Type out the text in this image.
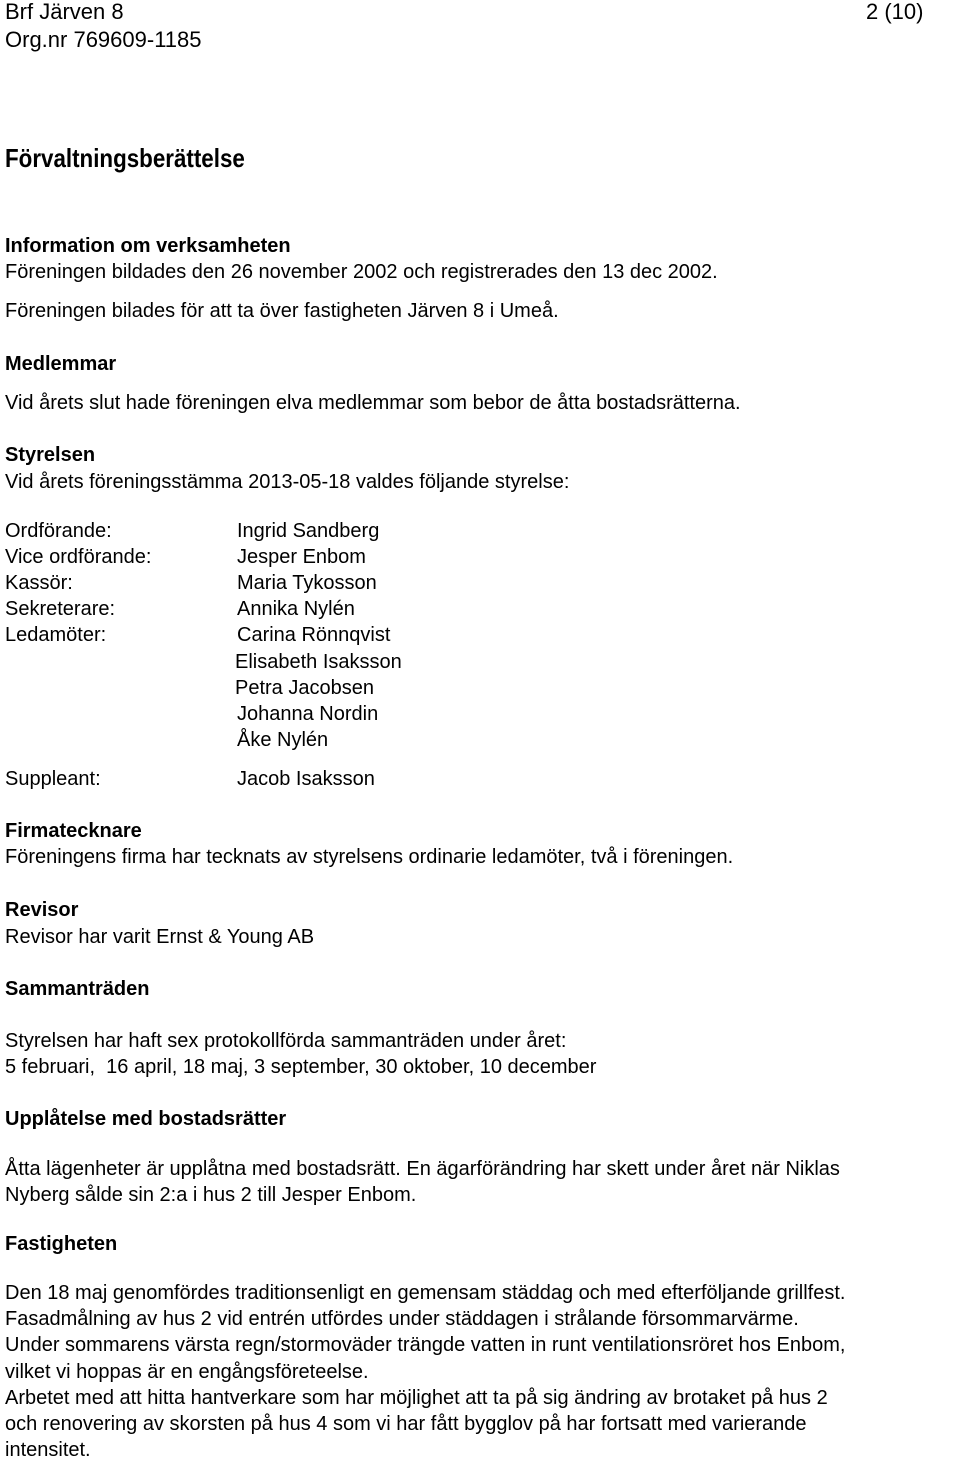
Brf Järven 8
Org.nr 769609-1185
2 (10)
Förvaltningsberättelse
Information om verksamheten
Föreningen bildades den 26 november 2002 och registrerades den 13 dec 2002.
Föreningen bilades för att ta över fastigheten Järven 8 i Umeå.
Medlemmar
Vid årets slut hade föreningen elva medlemmar som bebor de åtta bostadsrätterna.
Styrelsen
Vid årets föreningsstämma 2013-05-18 valdes följande styrelse:
Ordförande:
Vice ordförande:
Kassör:
Sekreterare:
Ledamöter:
Ingrid Sandberg
Jesper Enbom
Maria Tykosson
Annika Nylén
Carina Rönnqvist
Elisabeth Isaksson
Petra Jacobsen
Johanna Nordin
Åke Nylén
Suppleant:	Jacob Isaksson
Firmatecknare
Föreningens firma har tecknats av styrelsens ordinarie ledamöter, två i föreningen.
Revisor
Revisor har varit Ernst & Young AB
Sammanträden
Styrelsen har haft sex protokollförda sammanträden under året:
5 februari,  16 april, 18 maj, 3 september, 30 oktober, 10 december
Upplåtelse med bostadsrätter
Åtta lägenheter är upplåtna med bostadsrätt. En ägarförändring har skett under året när Niklas
Nyberg sålde sin 2:a i hus 2 till Jesper Enbom.
Fastigheten
Den 18 maj genomfördes traditionsenligt en gemensam städdag och med efterföljande grillfest.
Fasadmålning av hus 2 vid entrén utfördes under städdagen i strålande försommarvärme.
Under sommarens värsta regn/stormoväder trängde vatten in runt ventilationsröret hos Enbom,
vilket vi hoppas är en engångsföreteelse.
Arbetet med att hitta hantverkare som har möjlighet att ta på sig ändring av brotaket på hus 2
och renovering av skorsten på hus 4 som vi har fått bygglov på har fortsatt med varierande
intensitet.
